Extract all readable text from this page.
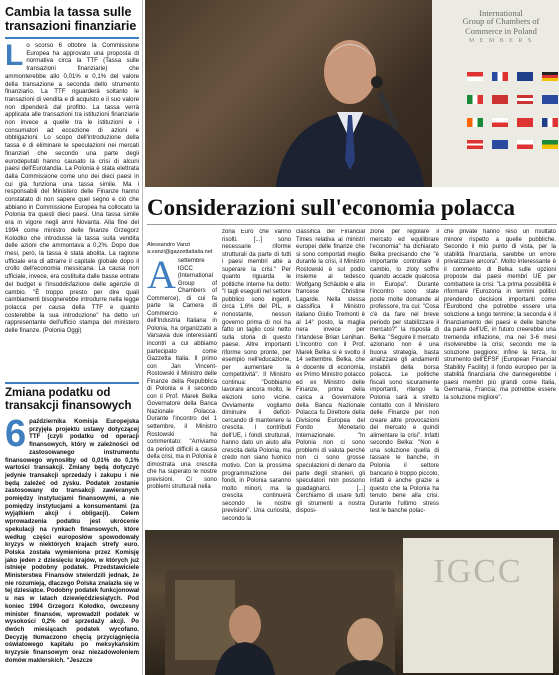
Cambia la tassa sulle transazioni finanziarie
L o scorso 6 ottobre la Commissione Europea ha approvato una proposta di normativa circa la TTF (Tassa sulle transazioni finanziarie) che ammonterebbe allo 0,01% e 0,1% del valore della transazione a seconda dello strumento finanziario. La TTF riguarderà soltanto le transazioni di vendita e di acquisto e il suo valore non dipenderà dal profitto. La tassa verrà applicata alle transazioni tra istituzioni finanziarie non invece a quelle tra le istituzioni e i consumatori ad eccezione di azioni e obbligazioni. Lo scopo dell'introduzione della tassa è di eliminare le speculazioni nei mercati finanziari che secondo una parte degli eurodeputati hanno causato la crisi di alcuni paesi dell'Eurolandia. La Polonia è stata elettrata dalla Commissione come uno dei dieci paesi in cui già funziona una tassa simile. Ma i responsabili del Ministero delle Finanze hanno constatato di non sapere quel segno e ciò che abbiano in Commissione Europea ha collocato la Polonia tra questi dieci paesi. Una tassa simile era in vigore negli anni Novanta. Alla fine del 1994 come ministro delle finanze Grzegorz Kolodko che introdusse la tassa sulla vendita delle azioni che ammontava a 0,2%. Dopo due mesi, però, la tassa è stata abolita. La ragione ufficiale era di attrarre il capitale globale dopo il crollo dell'economia messicana. La causa non ufficiale, invece, era costituita dalle basse entrate del budget e l'insoddisfazione delle agenzie di cambio. "È troppo presto per dire quali cambiamenti bisognerebbe introdurre nella legge polacca per causa della TTF e quanto costerebbe la sua introduzione" ha detto un rappresentante dell'ufficio stampa del ministero delle finanze. (Polonia Oggi)
Zmiana podatku od transakcji finansowych
6 października Komisja Europejska przyjęła projektu ustawy dotyczącej TTF (czyli podatku od operacji finansowych, który w zależności od zastosowanego instrumentu finansowego wynosiłby od 0,01% do 0,1% wartości transakcji. Zmiany będą dotyczyć jedynie transakcji sprzedaży i zakupu i nie będą zależeć od zysku. Podatek zostanie zastosowany do transakcji zawieranych pomiędzy instytucjami finansowymi, a nie pomiędzy instytucjami a konsumentami (za wyjątkiem akcji i obligacji). Celem wprowadzenia podatku jest ukrócenie spekulacji na rynkach finansowych, które według części europosłów spowodowały kryzys w niektórych krajach strefy euro. Polska została wymieniona przez Komisję jako jeden z dziesięciu krajów, w których już istnieje podobny podatek. Przedstawiciele Ministerstwa Finansów stwierdzili jednak, że nie rozumieją, dlaczego Polska znalazła się w tej dziesiątce. Podobny podatek funkcjonował u nas w latach dziewięćdziesiątych. Pod koniec 1994 Grzegorz Kołodko, ówczesny minister finansów, wprowadził podatek w wysokości 0,2% od sprzedaży akcji. Po dwóch miesiącach podatek wycofano. Decyzję tłumaczono chęcią przyciągnięcia oświatowego kapitału po meksykańskim kryzysie finansowym oraz niezadowoleniem domów maklerskich. "Jeszcze
International
Group of Chambers of Commerce in Poland
M E M B E R S
Considerazioni sull'economia polacca
Alessandro Vanzi
a.vanzi@gazzettaitalia.net
A settembre IGCC (International Group of Chambers of Commerce), di cui fa parte la Camera di Commercio e dell'Industria Italiana in Polonia, ha organizzato a Varsavia due interessanti incontri a cui abbiamo partecipato come Gazzetta Italia. Il primo con Jan Vincent-Rostowski il Ministro delle Finanze della Repubblica di Polonia e il secondo con il Prof. Marek Belka Governatore della Banca Nazionale Polacca. Durante l'incontro del 1 settembre, il Ministro Rostowski ha commentato: "Arriviamo da periodi difficili a causa della crisi, ma in Polonia è dimostrata una crescita che ha superato le nostre previsioni. Ci sono problemi strutturali nella
zona Euro che vanno risolti. [...] sono necessarie riforme strutturali da parte di tutti i paesi membri atte a superare la crisi." Per quanto riguarda le politiche interne ha detto: "I tagli eseguiti nel settore pubblico sono ingenti, circa 1,6% del PIL, e nonostante, nessun governo prima di noi ha fatto un taglio così netto sulla storia di questo paese. Altre importanti riforme sono pronte, per esempio nell'educazione, per aumentare la competitività". Il Ministro continua: "Dobbiamo lavorare ancora molto, le elezioni sono vicine. Ovviamente vogliamo diminuire il deficit-cercando di mantenere la crescita. I contributi dell'UE, i fondi strutturali, hanno dato un aiuto alla crescita della Polonia, ma credo non siano fuonico motivo. Con la prossima programmazione dei fondi, in Polonia saranno molto minori, ma la crescita continuerà secondo le nostre previsioni". Una curiosità, secondo la
classifica del Financial Times relativa ai ministri europei delle finanze che si sono comportati meglio durante la crisi, il Ministro Rostowski è sul podio insieme al tedesco Wolfgang Schäuble e alla francese Christine Lagarde. Nella stessa classifica il Ministro italiano Giulio Tremonti è al 14° posto, la maglia nera invece per l'irlandese Brian Lenihan. L'incontro con il Prof. Marek Belka si è svolto il 14 settembre. Belka, che è docente di economia, ex Primo Ministro polacco ed ex Ministro delle Finanze, prima della carica a Governatore della Banca Nazionale Polacca fu Direttore della Divisione Europea del Fondo Monetario Internazionale. "In Polonia non ci sono problemi di valuta perché non ci sono grosse speculazioni di denaro da parte degli stranieri, gli speculatori non possono guadagnarci. [...] Cerchiamo di usare tutti gli strumenti a nostra disposi-
zione per regolare il mercato ed equilibrare l'economia" ha dichiarato Belka precisando che "è importante controllare il cambio, lo zloty soffre quando accade qualcosa in Europa". Durante l'incontro sono state poste molte domande al professore, tra cui: "Cosa c'è da fare nel breve periodo per stabilizzare il mercato?" la risposta di Belka: "Seguire il mercato azionario non è una buona strategia, basta analizzare gli andamenti instabili della borsa polacca. Le politiche fiscali sono sicuramente importanti, ritengo la Polonia sarà a stretto contatto con il Ministero delle Finanze per non creare altre provocazioni del mercato e quindi alimentare la crisi". Infatti secondo Belka: "Non è una soluzione quella di tassare le banche, in Polonia il settore bancario è troppo piccolo, infatti è anche grazie a questo che la Polonia ha tenuto bene alla crisi. Durante l'ultimo stress test le banche polac-
che private hanno reso un risultato minore rispetto a quelle pubbliche. Secondo il mio punto di vista, per la stabilità finanziaria, sarebbe un errore privatizzare ancora". Molto interessante è il commento di Belka sulle opzioni proposte dai paesi membri UE per combattere la crisi: "La prima possibilità è riformare l'Eurozona in termini politici prendendo decisioni importanti come l'Eurobond che potrebbe essere una soluzione a lungo termine; la seconda è il finanziamento dei paesi e delle banche da parte dell'UE, in futuro creerebbe una tremenda inflazione, ma nei 3-6 mesi risolverebbe la crisi; secondo me la soluzione peggiore; infine la terza, lo strumento dell'EFSF (European Financial Stability Facility) il fondo europeo per la stabilità finanziaria che dannegerebbe i paesi membri più grandi come Italia, Germania, Francia; ma potrebbe essere la soluzione migliore".
IGCC
